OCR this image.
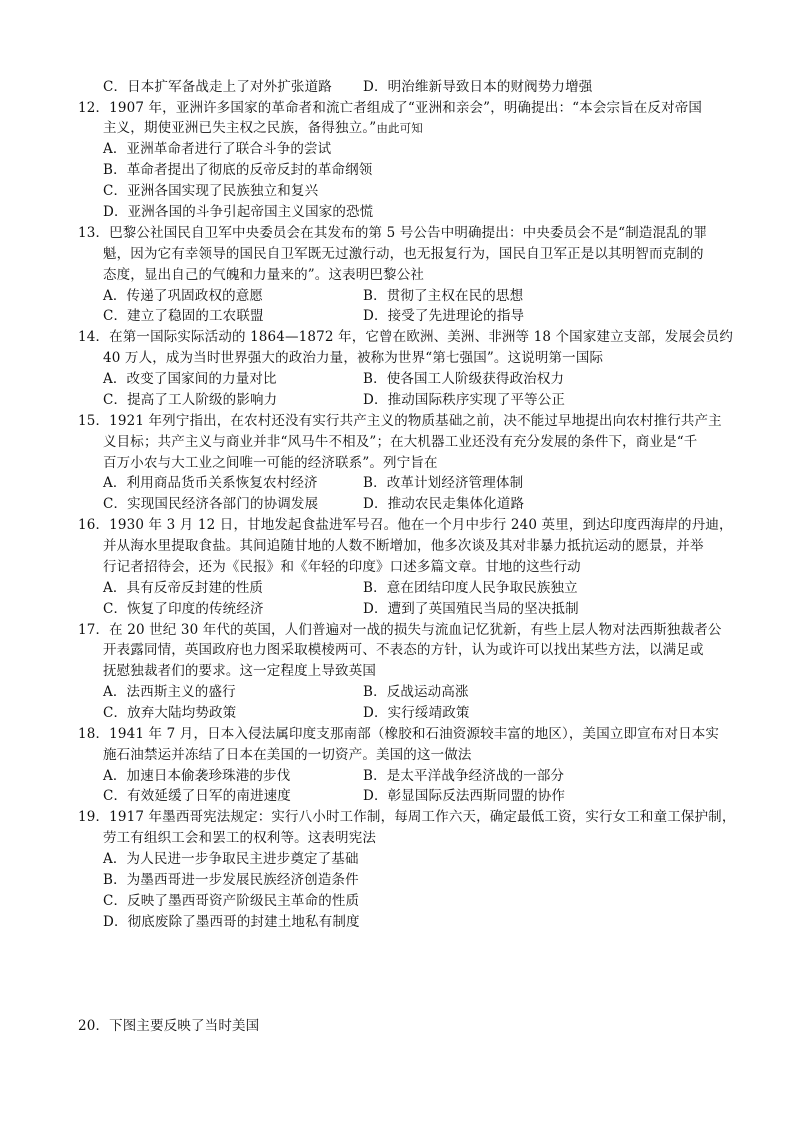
C．日本扩军备战走上了对外扩张道路 D．明治维新导致日本的财阀势力增强
12．1907 年，亚洲许多国家的革命者和流亡者组成了“亚洲和亲会”，明确提出：“本会宗旨在反对帝国
主义，期使亚洲已失主权之民族，备得独立。”由此可知
A．亚洲革命者进行了联合斗争的尝试
B．革命者提出了彻底的反帝反封的革命纲领
C．亚洲各国实现了民族独立和复兴
D．亚洲各国的斗争引起帝国主义国家的恐慌
13．巴黎公社国民自卫军中央委员会在其发布的第 5 号公告中明确提出：中央委员会不是“制造混乱的罪
魁，因为它有幸领导的国民自卫军既无过激行动，也无报复行为，国民自卫军正是以其明智而克制的
态度，显出自己的气魄和力量来的”。这表明巴黎公社
A．传递了巩固政权的意愿	B．贯彻了主权在民的思想
C．建立了稳固的工农联盟	D．接受了先进理论的指导
14．在第一国际实际活动的 1864—1872 年，它曾在欧洲、美洲、非洲等 18 个国家建立支部，发展会员约
40 万人，成为当时世界强大的政治力量，被称为世界“第七强国”。这说明第一国际
A．改变了国家间的力量对比	B．使各国工人阶级获得政治权力
C．提高了工人阶级的影响力	D．推动国际秩序实现了平等公正
15．1921 年列宁指出，在农村还没有实行共产主义的物质基础之前，决不能过早地提出向农村推行共产主
义目标；共产主义与商业并非“风马牛不相及”；在大机器工业还没有充分发展的条件下，商业是“千
百万小农与大工业之间唯一可能的经济联系”。列宁旨在
A．利用商品货币关系恢复农村经济	B．改革计划经济管理体制
C．实现国民经济各部门的协调发展	D．推动农民走集体化道路
16．1930 年 3 月 12 日，甘地发起食盐进军号召。他在一个月中步行 240 英里，到达印度西海岸的丹迪，
并从海水里提取食盐。其间追随甘地的人数不断增加，他多次谈及其对非暴力抵抗运动的愿景，并举
行记者招待会，还为《民报》和《年轻的印度》口述多篇文章。甘地的这些行动
A．具有反帝反封建的性质	B．意在团结印度人民争取民族独立
C．恢复了印度的传统经济	D．遭到了英国殖民当局的坚决抵制
17．在 20 世纪 30 年代的英国，人们普遍对一战的损失与流血记忆犹新，有些上层人物对法西斯独裁者公
开表露同情，英国政府也力图采取模棱两可、不表态的方针，认为或许可以找出某些方法，以满足或
抚慰独裁者们的要求。这一定程度上导致英国
A．法西斯主义的盛行	B．反战运动高涨
C．放弃大陆均势政策	D．实行绥靖政策
18．1941 年 7 月，日本入侵法属印度支那南部（橡胶和石油资源较丰富的地区），美国立即宣布对日本实
施石油禁运并冻结了日本在美国的一切资产。美国的这一做法
A．加速日本偷袭珍珠港的步伐	B．是太平洋战争经济战的一部分
C．有效延缓了日军的南进速度	D．彰显国际反法西斯同盟的协作
19．1917 年墨西哥宪法规定：实行八小时工作制，每周工作六天，确定最低工资，实行女工和童工保护制，
劳工有组织工会和罢工的权利等。这表明宪法
A．为人民进一步争取民主进步奠定了基础
B．为墨西哥进一步发展民族经济创造条件
C．反映了墨西哥资产阶级民主革命的性质
D．彻底废除了墨西哥的封建土地私有制度
20．下图主要反映了当时美国
